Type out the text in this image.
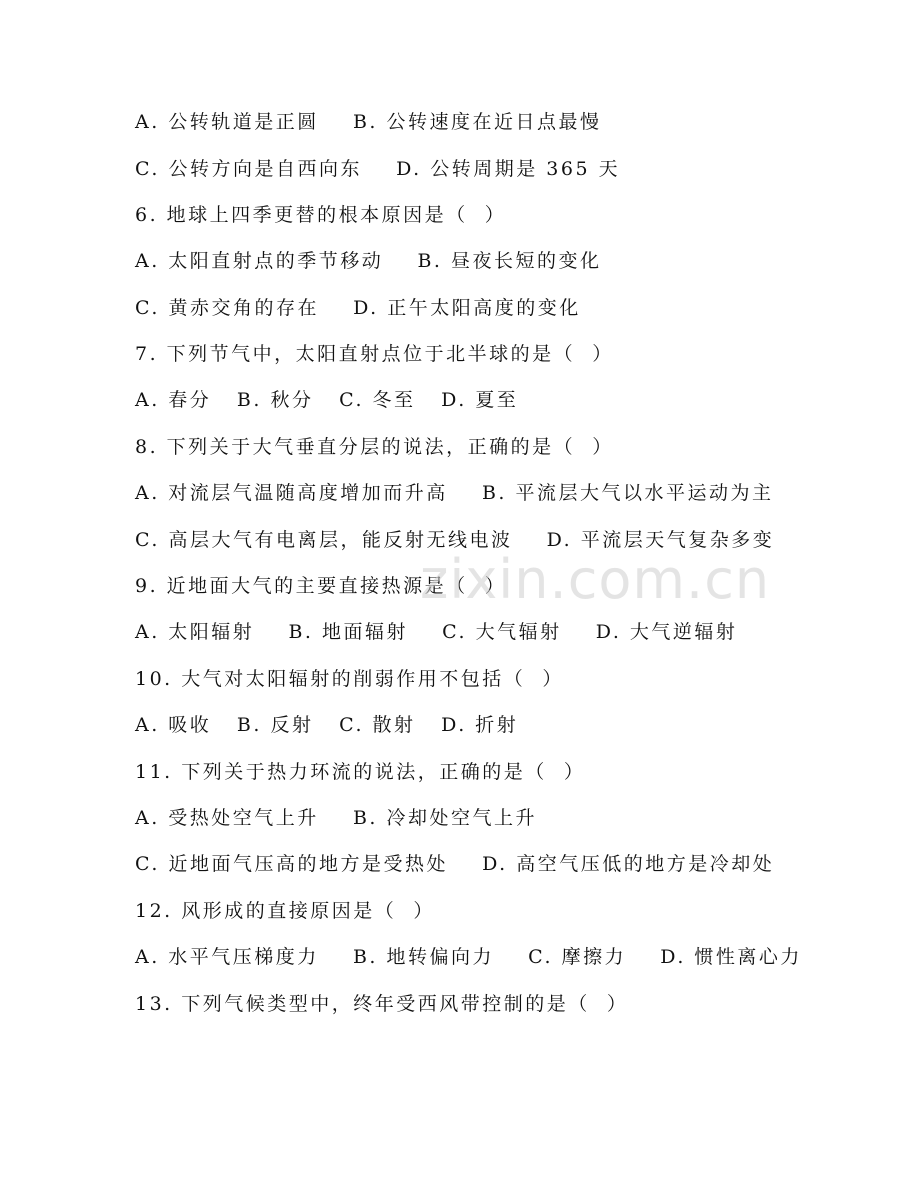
A. 公转轨道是正圆    B. 公转速度在近日点最慢
C. 公转方向是自西向东    D. 公转周期是 365 天
6. 地球上四季更替的根本原因是（  ）
A. 太阳直射点的季节移动    B. 昼夜长短的变化
C. 黄赤交角的存在    D. 正午太阳高度的变化
7. 下列节气中，太阳直射点位于北半球的是（  ）
A. 春分   B. 秋分   C. 冬至   D. 夏至
8. 下列关于大气垂直分层的说法，正确的是（  ）
A. 对流层气温随高度增加而升高    B. 平流层大气以水平运动为主
C. 高层大气有电离层，能反射无线电波    D. 平流层天气复杂多变
9. 近地面大气的主要直接热源是（  ）
A. 太阳辐射    B. 地面辐射    C. 大气辐射    D. 大气逆辐射
10. 大气对太阳辐射的削弱作用不包括（  ）
A. 吸收   B. 反射   C. 散射   D. 折射
11. 下列关于热力环流的说法，正确的是（  ）
A. 受热处空气上升    B. 冷却处空气上升
C. 近地面气压高的地方是受热处    D. 高空气压低的地方是冷却处
12. 风形成的直接原因是（  ）
A. 水平气压梯度力    B. 地转偏向力    C. 摩擦力    D. 惯性离心力
13. 下列气候类型中，终年受西风带控制的是（  ）
zixin.com.cn
